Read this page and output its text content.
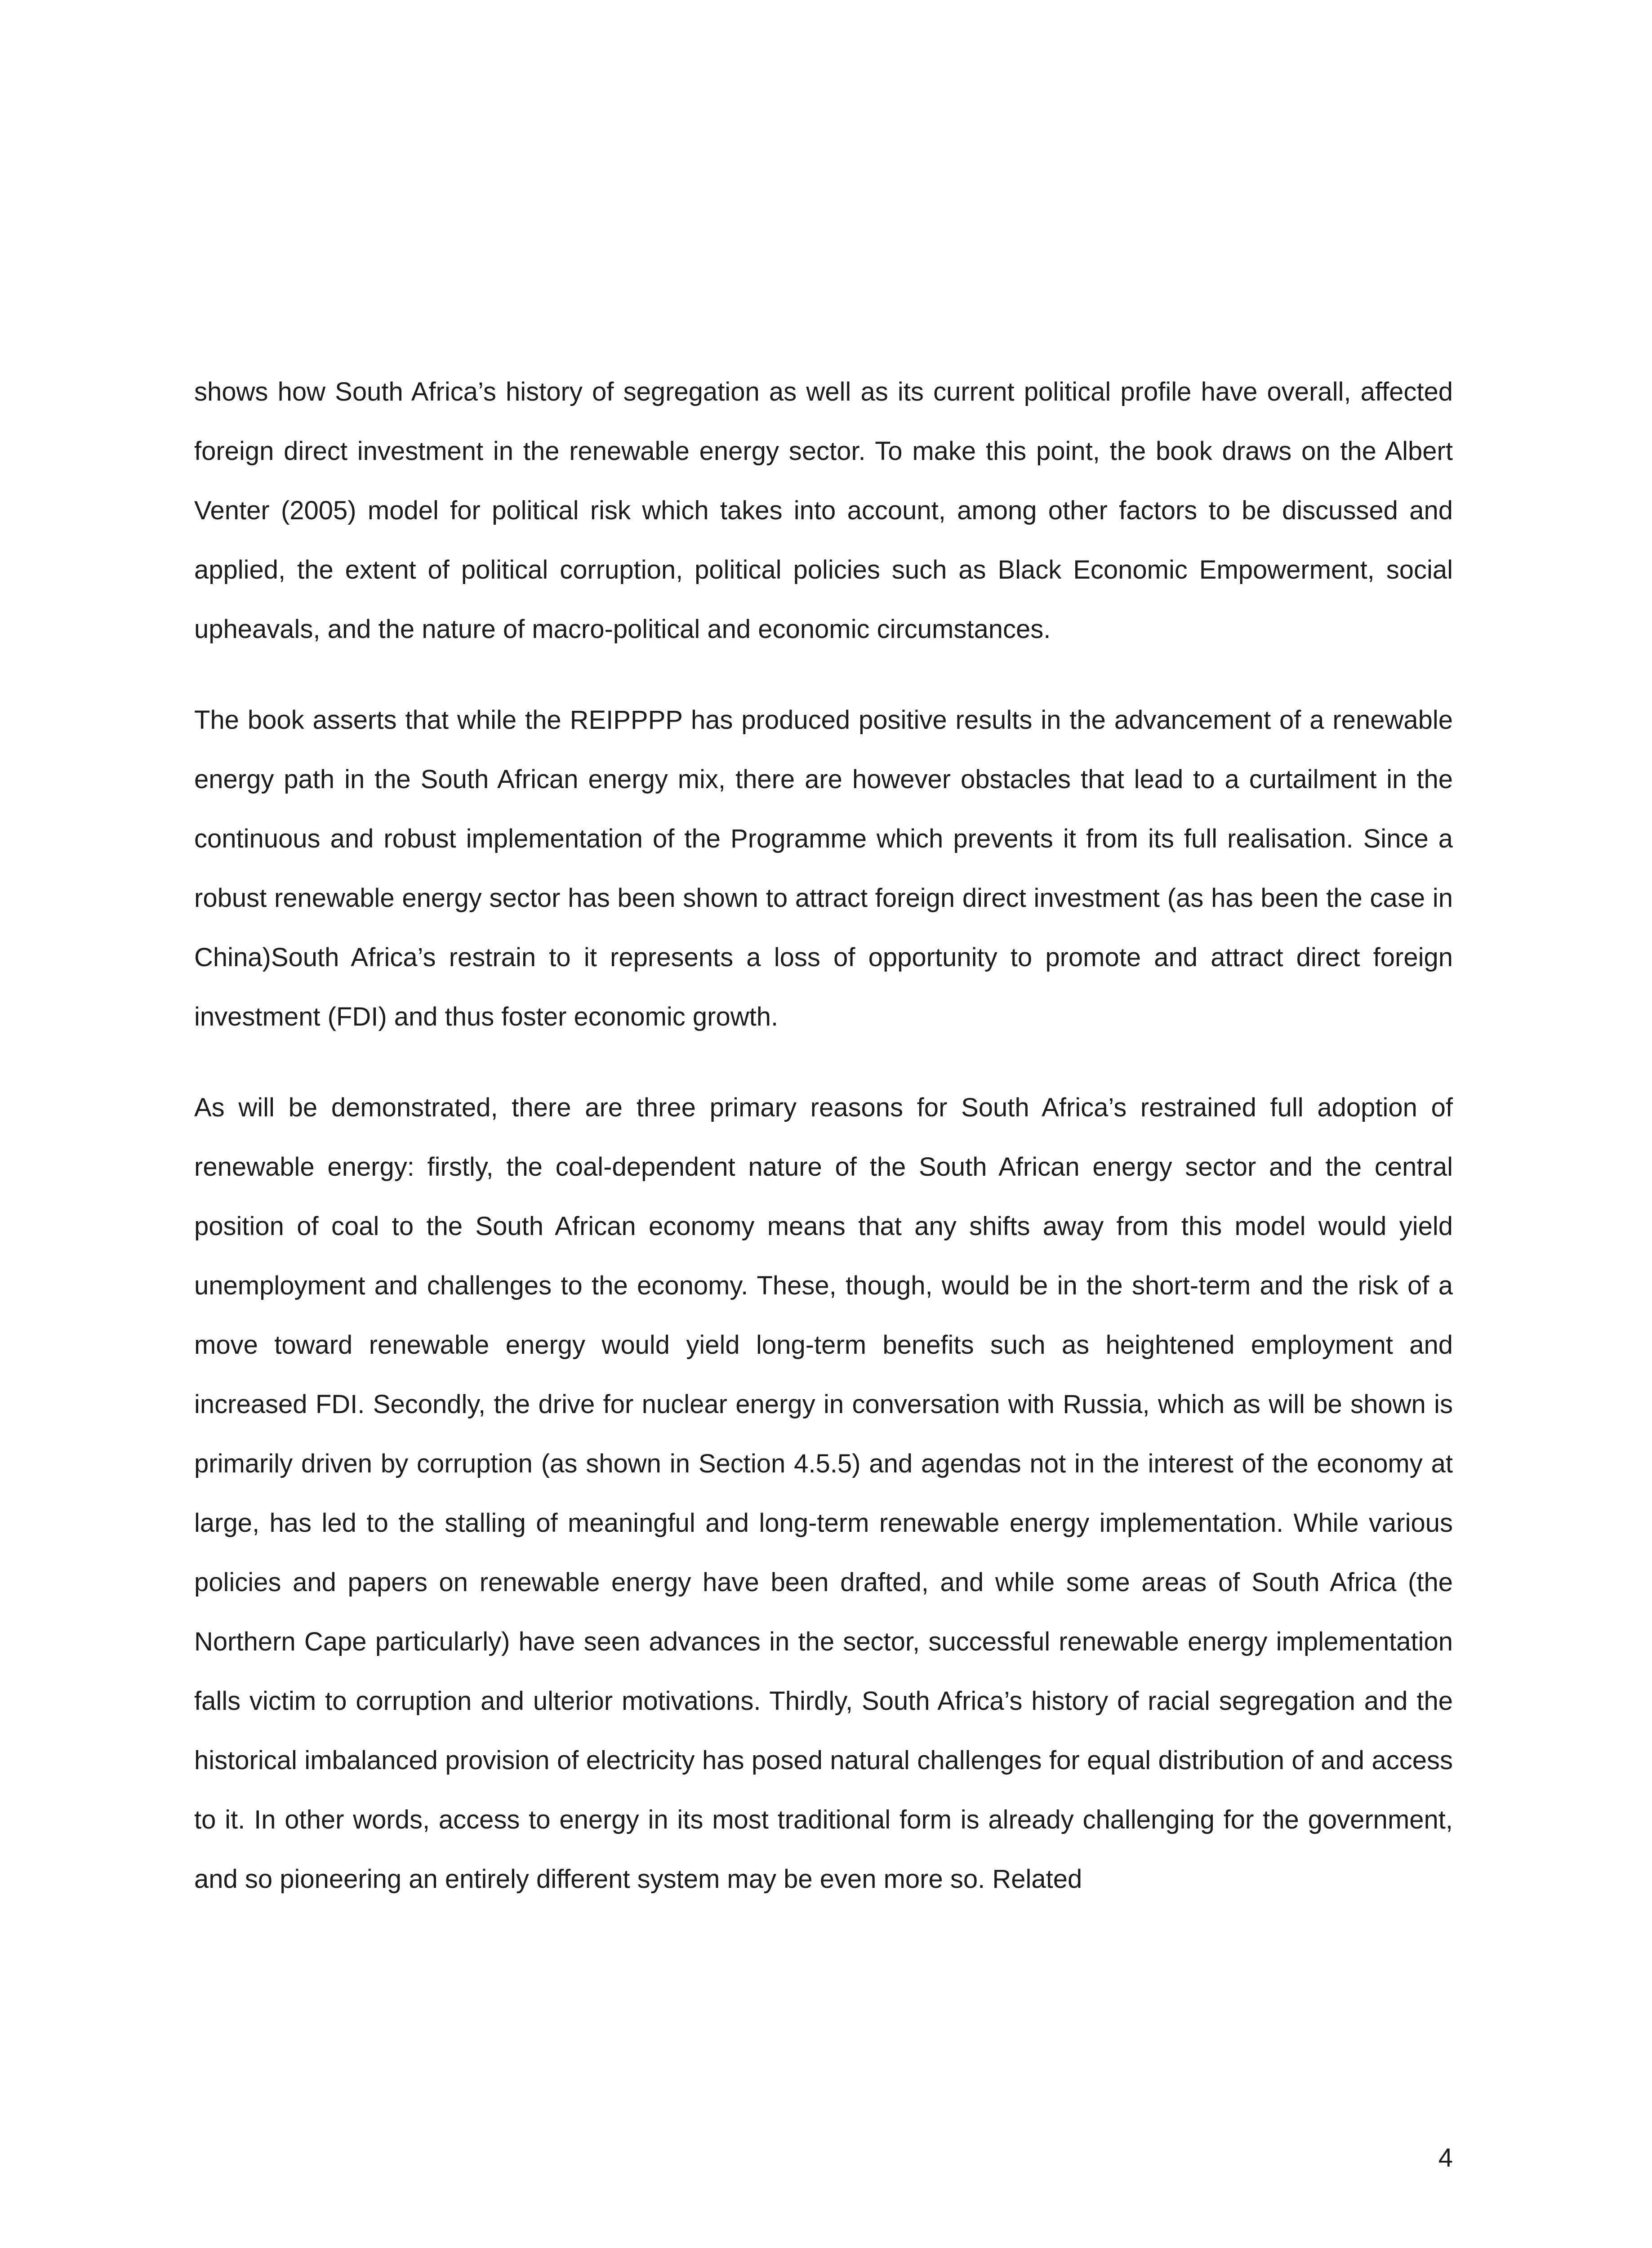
shows how South Africa’s history of segregation as well as its current political profile have overall, affected foreign direct investment in the renewable energy sector. To make this point, the book draws on the Albert Venter (2005) model for political risk which takes into account, among other factors to be discussed and applied, the extent of political corruption, political policies such as Black Economic Empowerment, social upheavals, and the nature of macro-political and economic circumstances.

The book asserts that while the REIPPPP has produced positive results in the advancement of a renewable energy path in the South African energy mix, there are however obstacles that lead to a curtailment in the continuous and robust implementation of the Programme which prevents it from its full realisation. Since a robust renewable energy sector has been shown to attract foreign direct investment (as has been the case in China)South Africa’s restrain to it represents a loss of opportunity to promote and attract direct foreign investment (FDI) and thus foster economic growth.

As will be demonstrated, there are three primary reasons for South Africa’s restrained full adoption of renewable energy: firstly, the coal-dependent nature of the South African energy sector and the central position of coal to the South African economy means that any shifts away from this model would yield unemployment and challenges to the economy. These, though, would be in the short-term and the risk of a move toward renewable energy would yield long-term benefits such as heightened employment and increased FDI. Secondly, the drive for nuclear energy in conversation with Russia, which as will be shown is primarily driven by corruption (as shown in Section 4.5.5) and agendas not in the interest of the economy at large, has led to the stalling of meaningful and long-term renewable energy implementation. While various policies and papers on renewable energy have been drafted, and while some areas of South Africa (the Northern Cape particularly) have seen advances in the sector, successful renewable energy implementation falls victim to corruption and ulterior motivations. Thirdly, South Africa’s history of racial segregation and the historical imbalanced provision of electricity has posed natural challenges for equal distribution of and access to it. In other words, access to energy in its most traditional form is already challenging for the government, and so pioneering an entirely different system may be even more so. Related

4
